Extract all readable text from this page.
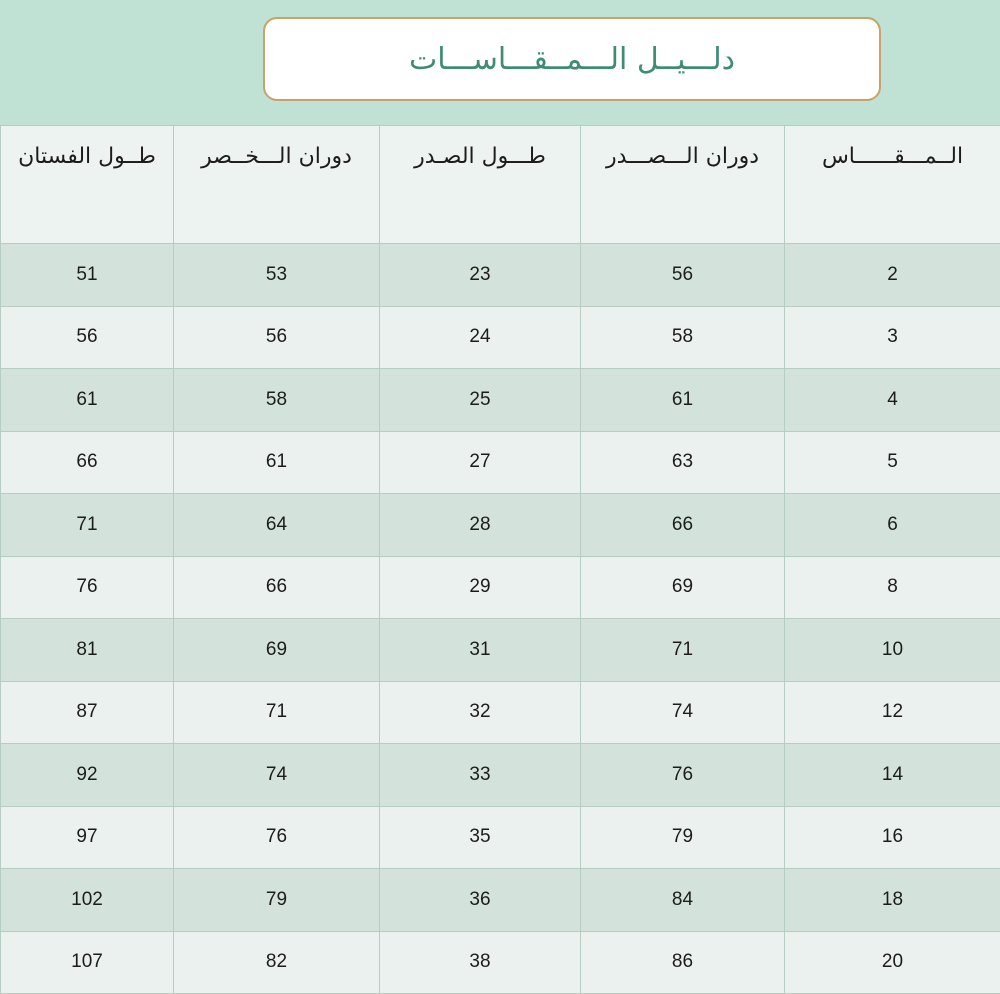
دلـــيــل الـــمــقـــاســـات
الــمـــقــــــاس	دوران الـــصـــدر	طـــول الصـدر	دوران الـــخــصر	طــول الفستان
2	56	23	53	51
3	58	24	56	56
4	61	25	58	61
5	63	27	61	66
6	66	28	64	71
8	69	29	66	76
10	71	31	69	81
12	74	32	71	87
14	76	33	74	92
16	79	35	76	97
18	84	36	79	102
20	86	38	82	107
